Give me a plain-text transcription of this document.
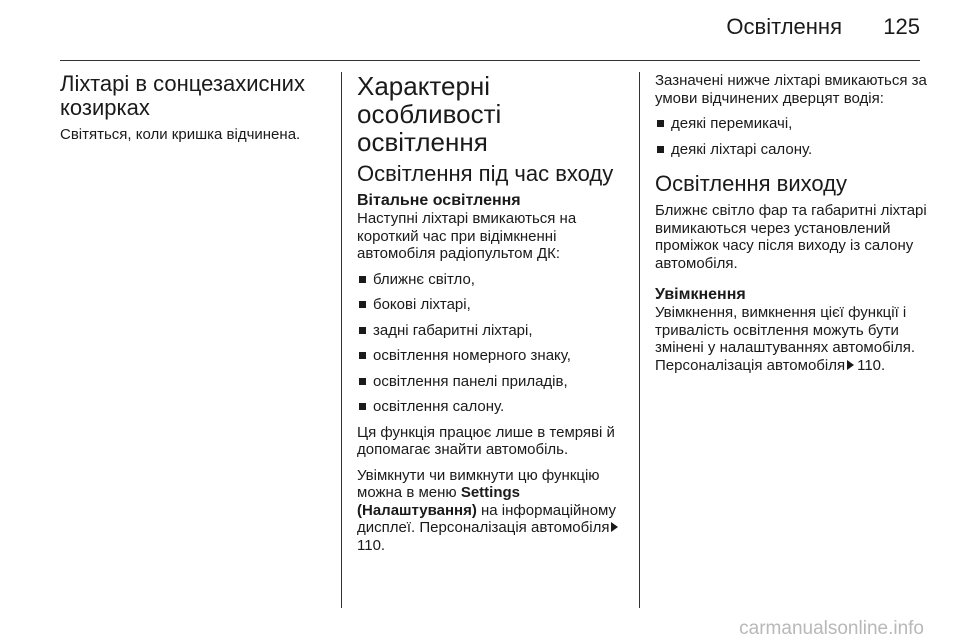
Освітлення 125
Ліхтарі в сонцезахисних козирках

Світяться, коли кришка відчинена.

Характерні особливості освітлення
Освітлення під час входу
Вітальне освітлення

Наступні ліхтарі вмикаються на короткий час при відімкненні автомобіля радіопультом ДК:

ближнє світло,
бокові ліхтарі,
задні габаритні ліхтарі,
освітлення номерного знаку,
освітлення панелі приладів,
освітлення салону.

Ця функція працює лише в темряві й допомагає знайти автомобіль.

Увімкнути чи вимкнути цю функцію можна в меню Settings (Налаштування) на інформаційному дисплеї. Персоналізація автомобіля110.

Зазначені нижче ліхтарі вмикаються за умови відчинених дверцят водія:

деякі перемикачі,
деякі ліхтарі салону.
Освітлення виходу

Ближнє світло фар та габаритні ліхтарі вимикаються через установлений проміжок часу після виходу із салону автомобіля.

Увімкнення

Увімкнення, вимкнення цієї функції і тривалість освітлення можуть бути змінені у налаштуваннях автомобіля. Персоналізація автомобіля 110.

carmanualsonline.info
